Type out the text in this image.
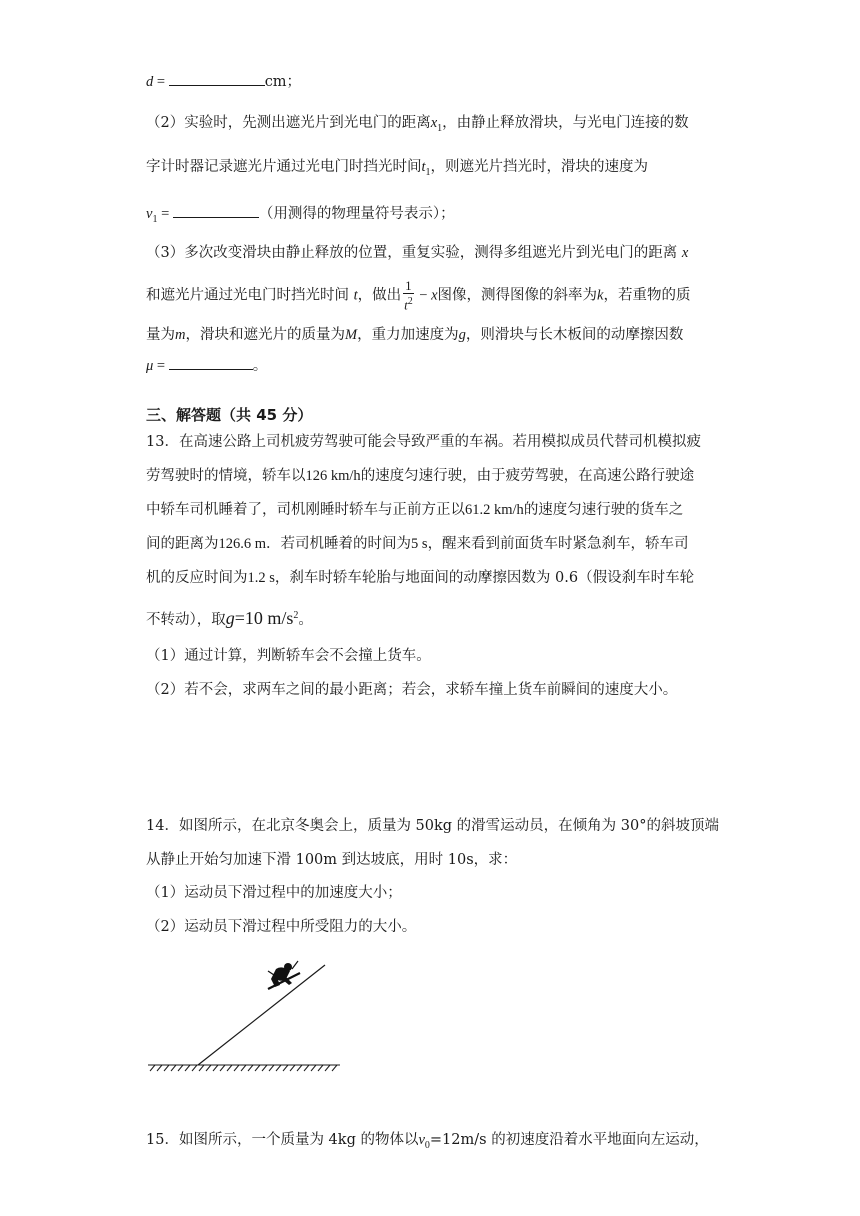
d =	cm；
（2）实验时，先测出遮光片到光电门的距离$x_1$，由静止释放滑块，与光电门连接的数
字计时器记录遮光片通过光电门时挡光时间$t_1$，则遮光片挡光时，滑块的速度为
$v_1$ =	（用测得的物理量符号表示）；
（3）多次改变滑块由静止释放的位置，重复实验，测得多组遮光片到光电门的距离 x
和遮光片通过光电门时挡光时间 t，做出 $\frac{1}{t^2} - x$图像，测得图像的斜率为k，若重物的质
量为m，滑块和遮光片的质量为M，重力加速度为g，则滑块与长木板间的动摩擦因数
μ =	。
三、解答题（共 45 分）
13．在高速公路上司机疲劳驾驶可能会导致严重的车祸。若用模拟成员代替司机模拟疲
劳驾驶时的情境，轿车以126 km/h的速度匀速行驶，由于疲劳驾驶，在高速公路行驶途
中轿车司机睡着了，司机刚睡时轿车与正前方正以61.2 km/h的速度匀速行驶的货车之
间的距离为126.6 m．若司机睡着的时间为5 s，醒来看到前面货车时紧急刹车，轿车司
机的反应时间为1.2 s，刹车时轿车轮胎与地面间的动摩擦因数为 0.6（假设刹车时车轮
不转动），取g=10 $m/s^2$。
（1）通过计算，判断轿车会不会撞上货车。
（2）若不会，求两车之间的最小距离；若会，求轿车撞上货车前瞬间的速度大小。
14．如图所示，在北京冬奥会上，质量为 50kg 的滑雪运动员，在倾角为 30°的斜坡顶端
从静止开始匀加速下滑 100m 到达坡底，用时 10s，求：
（1）运动员下滑过程中的加速度大小；
（2）运动员下滑过程中所受阻力的大小。
15．如图所示，一个质量为 4kg 的物体以$v_0=12m/s$ 的初速度沿着水平地面向左运动，
